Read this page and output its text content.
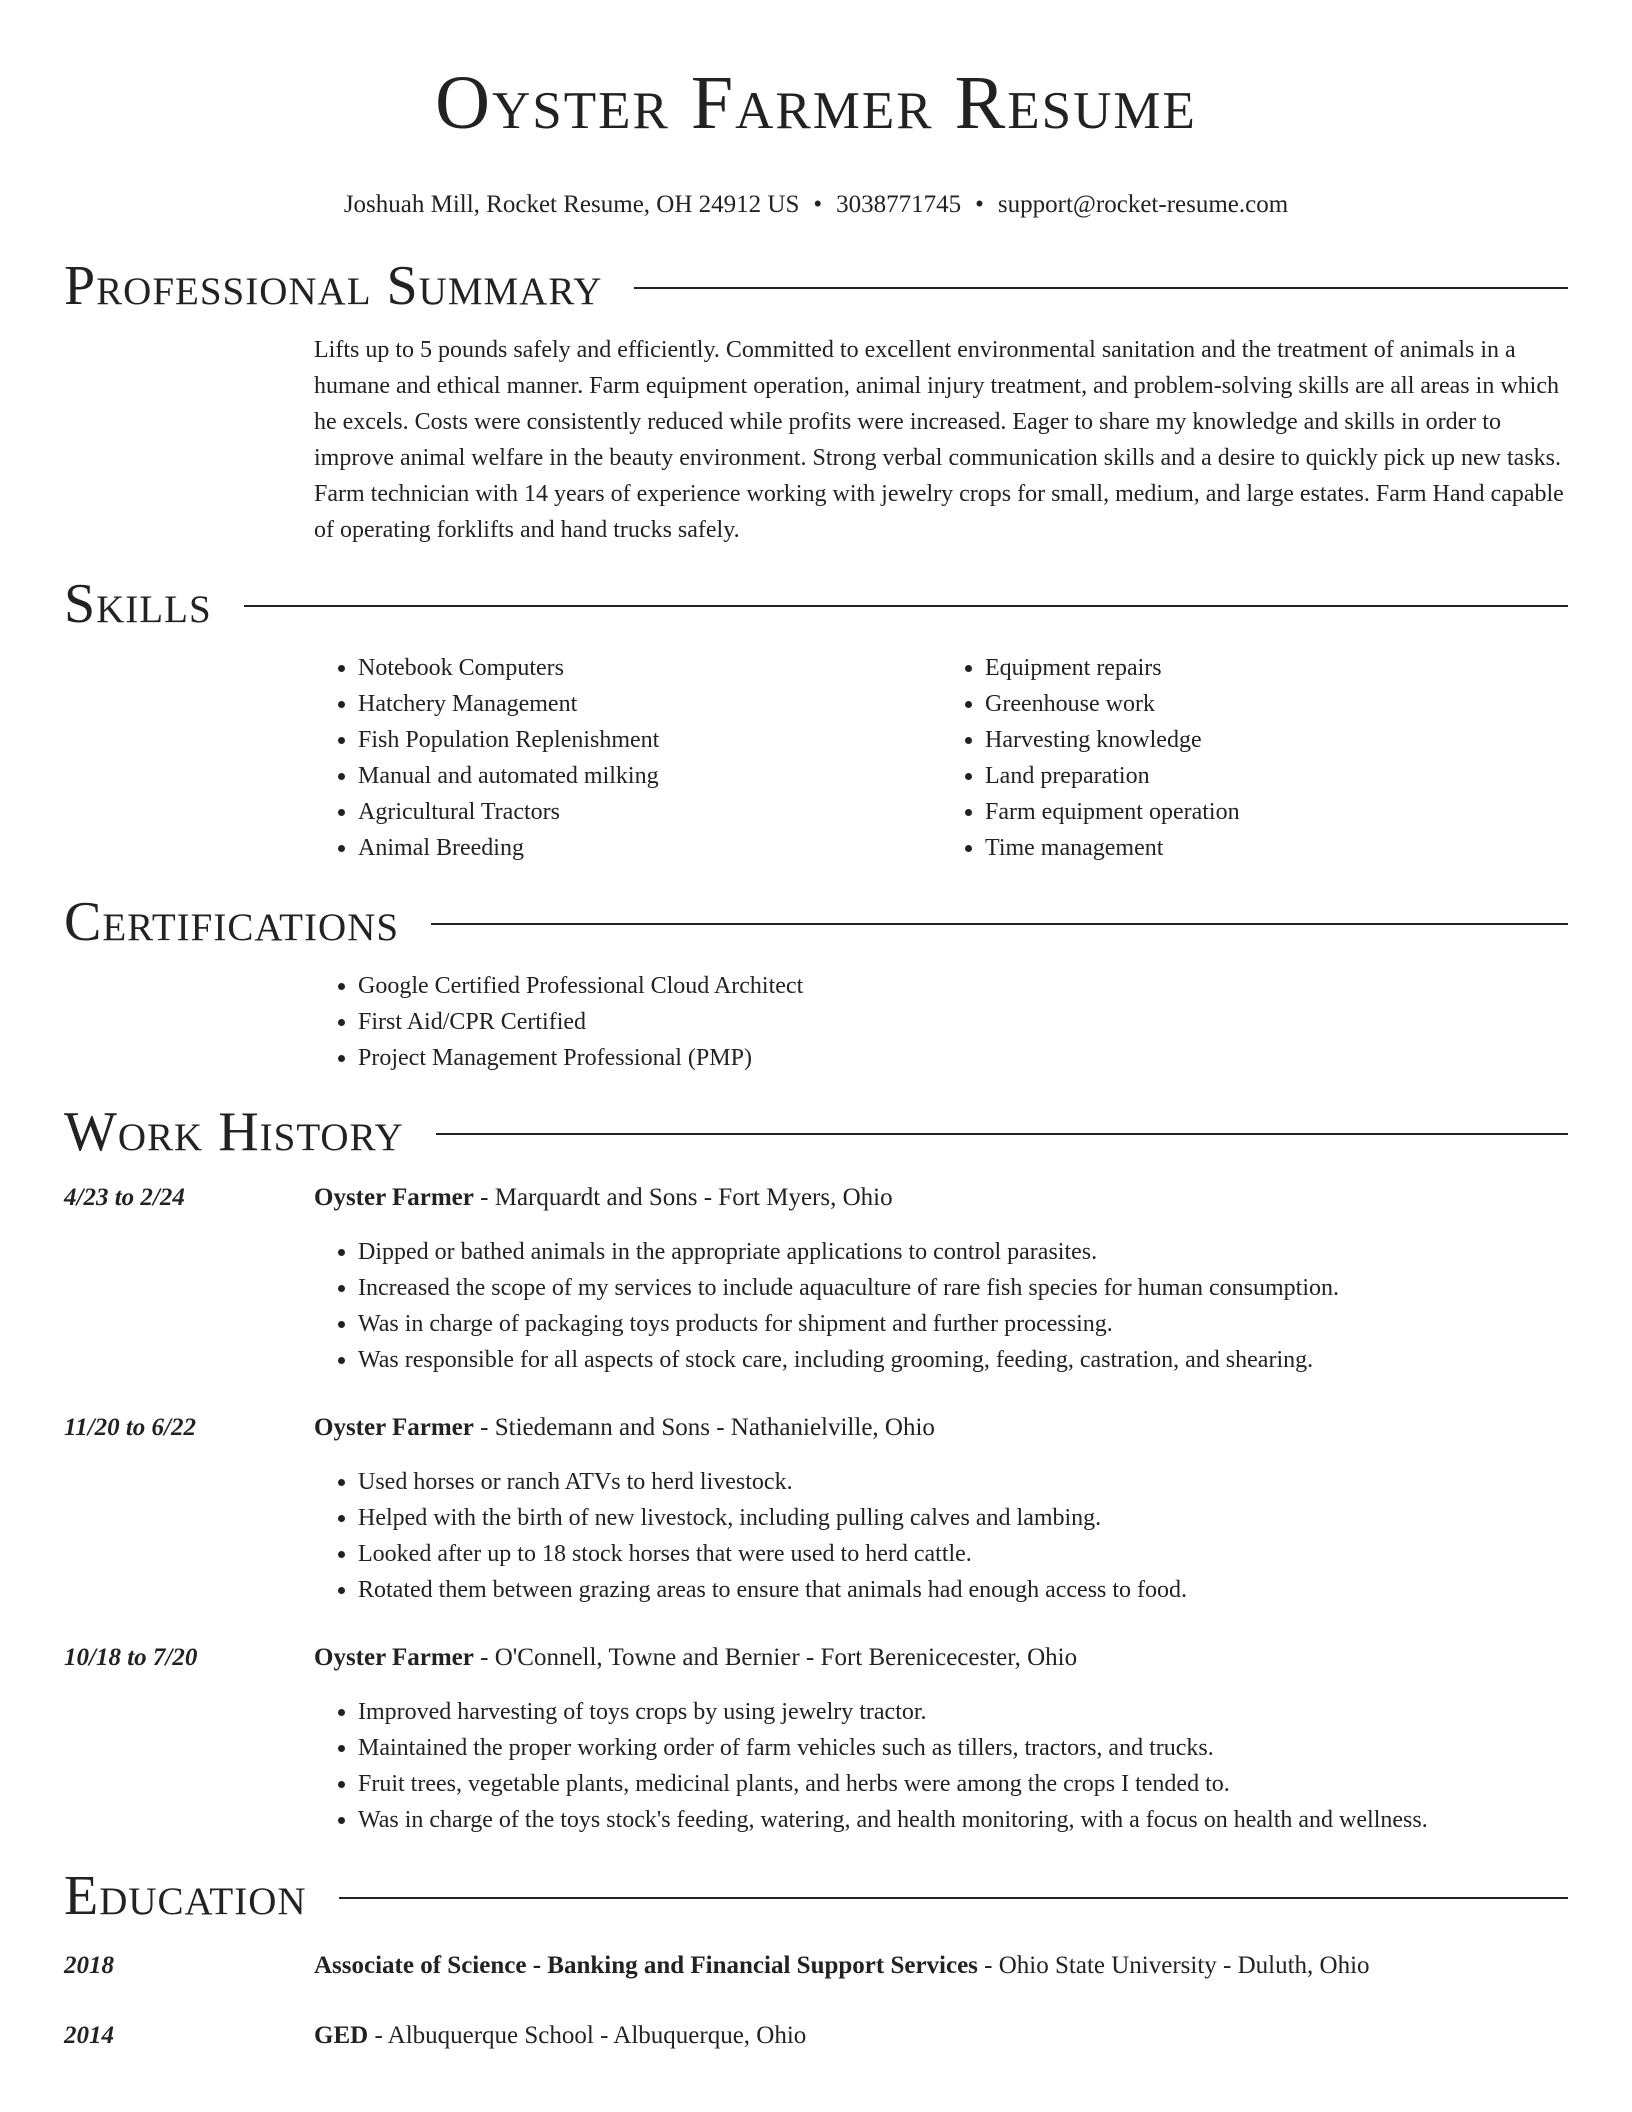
Oyster Farmer Resume
Joshuah Mill, Rocket Resume, OH 24912 US • 3038771745 • support@rocket-resume.com
Professional Summary
Lifts up to 5 pounds safely and efficiently. Committed to excellent environmental sanitation and the treatment of animals in a humane and ethical manner. Farm equipment operation, animal injury treatment, and problem-solving skills are all areas in which he excels. Costs were consistently reduced while profits were increased. Eager to share my knowledge and skills in order to improve animal welfare in the beauty environment. Strong verbal communication skills and a desire to quickly pick up new tasks. Farm technician with 14 years of experience working with jewelry crops for small, medium, and large estates. Farm Hand capable of operating forklifts and hand trucks safely.
Skills
• Notebook Computers
• Hatchery Management
• Fish Population Replenishment
• Manual and automated milking
• Agricultural Tractors
• Animal Breeding
• Equipment repairs
• Greenhouse work
• Harvesting knowledge
• Land preparation
• Farm equipment operation
• Time management
Certifications
• Google Certified Professional Cloud Architect
• First Aid/CPR Certified
• Project Management Professional (PMP)
Work History
4/23 to 2/24	Oyster Farmer - Marquardt and Sons - Fort Myers, Ohio
• Dipped or bathed animals in the appropriate applications to control parasites.
• Increased the scope of my services to include aquaculture of rare fish species for human consumption.
• Was in charge of packaging toys products for shipment and further processing.
• Was responsible for all aspects of stock care, including grooming, feeding, castration, and shearing.
11/20 to 6/22	Oyster Farmer - Stiedemann and Sons - Nathanielville, Ohio
• Used horses or ranch ATVs to herd livestock.
• Helped with the birth of new livestock, including pulling calves and lambing.
• Looked after up to 18 stock horses that were used to herd cattle.
• Rotated them between grazing areas to ensure that animals had enough access to food.
10/18 to 7/20	Oyster Farmer - O'Connell, Towne and Bernier - Fort Berenicecester, Ohio
• Improved harvesting of toys crops by using jewelry tractor.
• Maintained the proper working order of farm vehicles such as tillers, tractors, and trucks.
• Fruit trees, vegetable plants, medicinal plants, and herbs were among the crops I tended to.
• Was in charge of the toys stock's feeding, watering, and health monitoring, with a focus on health and wellness.
Education
2018	Associate of Science - Banking and Financial Support Services - Ohio State University - Duluth, Ohio
2014	GED - Albuquerque School - Albuquerque, Ohio
